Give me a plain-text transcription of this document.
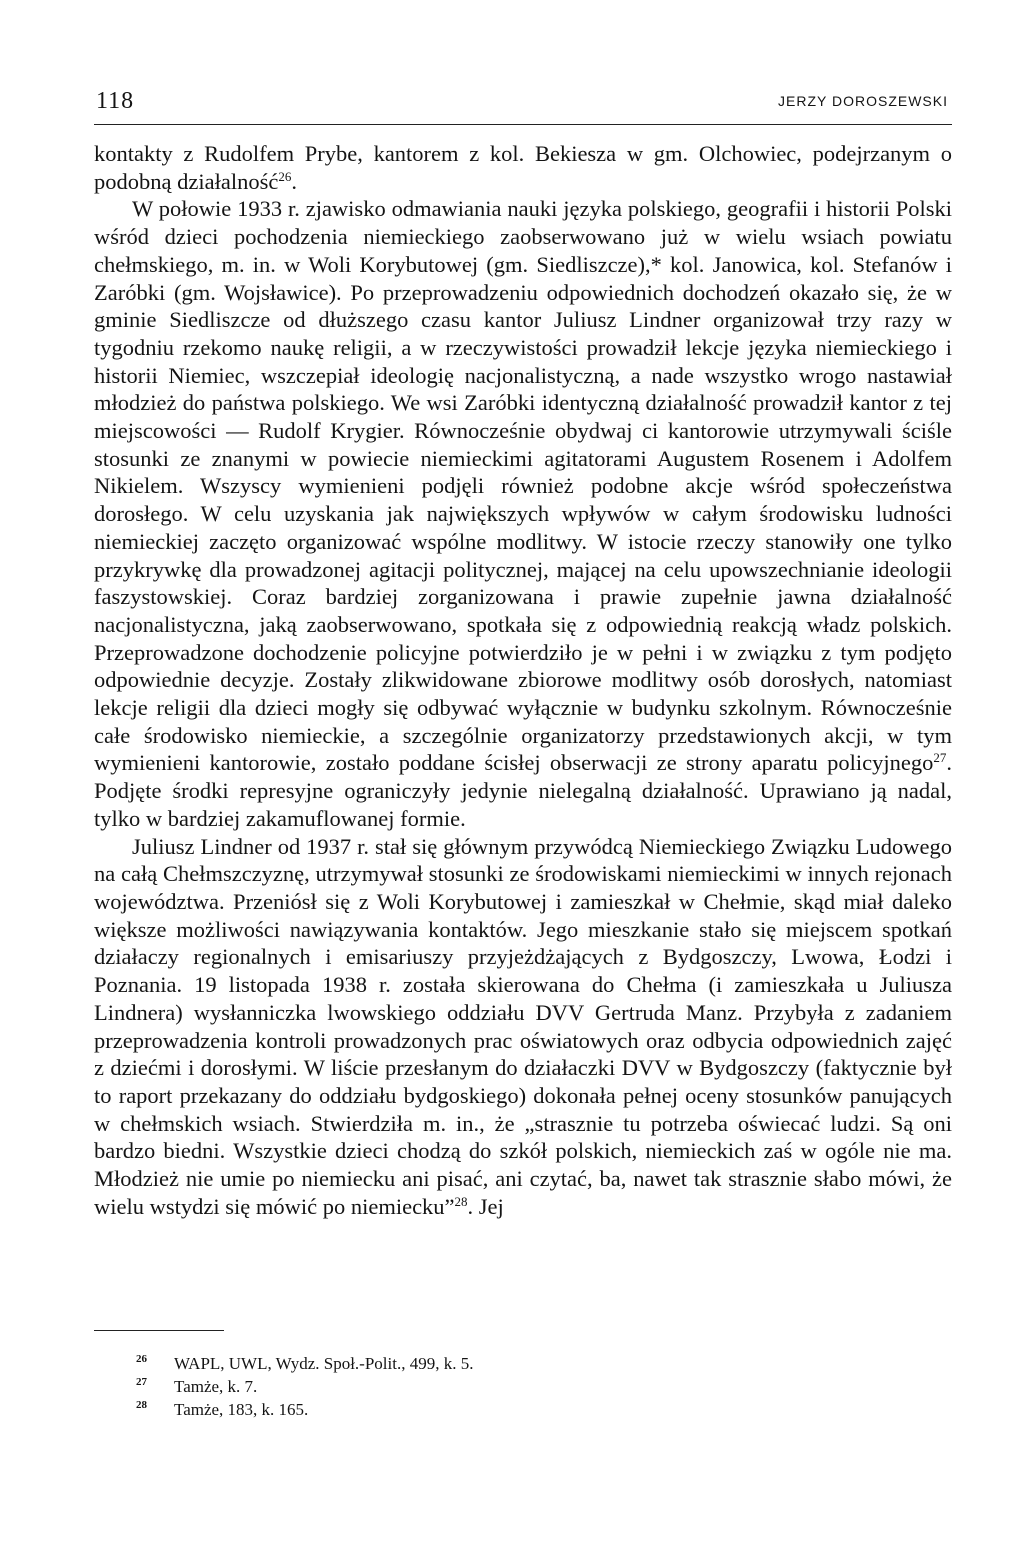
118	JERZY DOROSZEWSKI

kontakty z Rudolfem Prybe, kantorem z kol. Bekiesza w gm. Olchowiec, podejrzanym o podobną działalność$^{26}$.

W połowie 1933 r. zjawisko odmawiania nauki języka polskiego, geografii i historii Polski wśród dzieci pochodzenia niemieckiego zaobserwowano już w wielu wsiach powiatu chełmskiego, m. in. w Woli Korybutowej (gm. Siedliszcze),* kol. Janowica, kol. Stefanów i Zaróbki (gm. Wojsławice). Po przeprowadzeniu odpowiednich dochodzeń okazało się, że w gminie Siedliszcze od dłuższego czasu kantor Juliusz Lindner organizował trzy razy w tygodniu rzekomo naukę religii, a w rzeczywistości prowadził lekcje języka niemieckiego i historii Niemiec, wszczepiał ideologię nacjonalistyczną, a nade wszystko wrogo nastawiał młodzież do państwa polskiego. We wsi Zaróbki identyczną działalność prowadził kantor z tej miejscowości — Rudolf Krygier. Równocześnie obydwaj ci kantorowie utrzymywali ściśle stosunki ze znanymi w powiecie niemieckimi agitatorami Augustem Rosenem i Adolfem Nikielem. Wszyscy wymienieni podjęli również podobne akcje wśród społeczeństwa dorosłego. W celu uzyskania jak największych wpływów w całym środowisku ludności niemieckiej zaczęto organizować wspólne modlitwy. W istocie rzeczy stanowiły one tylko przykrywkę dla prowadzonej agitacji politycznej, mającej na celu upowszechnianie ideologii faszystowskiej. Coraz bardziej zorganizowana i prawie zupełnie jawna działalność nacjonalistyczna, jaką zaobserwowano, spotkała się z odpowiednią reakcją władz polskich. Przeprowadzone dochodzenie policyjne potwierdziło je w pełni i w związku z tym podjęto odpowiednie decyzje. Zostały zlikwidowane zbiorowe modlitwy osób dorosłych, natomiast lekcje religii dla dzieci mogły się odbywać wyłącznie w budynku szkolnym. Równocześnie całe środowisko niemieckie, a szczególnie organizatorzy przedstawionych akcji, w tym wymienieni kantorowie, zostało poddane ścisłej obserwacji ze strony aparatu policyjnego$^{27}$. Podjęte środki represyjne ograniczyły jedynie nielegalną działalność. Uprawiano ją nadal, tylko w bardziej zakamuflowanej formie.

Juliusz Lindner od 1937 r. stał się głównym przywódcą Niemieckiego Związku Ludowego na całą Chełmszczyznę, utrzymywał stosunki ze środowiskami niemieckimi w innych rejonach województwa. Przeniósł się z Woli Korybutowej i zamieszkał w Chełmie, skąd miał daleko większe możliwości nawiązywania kontaktów. Jego mieszkanie stało się miejscem spotkań działaczy regionalnych i emisariuszy przyjeżdżających z Bydgoszczy, Lwowa, Łodzi i Poznania. 19 listopada 1938 r. została skierowana do Chełma (i zamieszkała u Juliusza Lindnera) wysłanniczka lwowskiego oddziału DVV Gertruda Manz. Przybyła z zadaniem przeprowadzenia kontroli prowadzonych prac oświatowych oraz odbycia odpowiednich zajęć z dziećmi i dorosłymi. W liście przesłanym do działaczki DVV w Bydgoszczy (faktycznie był to raport przekazany do oddziału bydgoskiego) dokonała pełnej oceny stosunków panujących w chełmskich wsiach. Stwierdziła m. in., że „strasznie tu potrzeba oświecać ludzi. Są oni bardzo biedni. Wszystkie dzieci chodzą do szkół polskich, niemieckich zaś w ogóle nie ma. Młodzież nie umie po niemiecku ani pisać, ani czytać, ba, nawet tak strasznie słabo mówi, że wielu wstydzi się mówić po niemiecku”$^{28}$. Jej

26 WAPL, UWL, Wydz. Społ.-Polit., 499, k. 5.
27 Tamże, k. 7.
28 Tamże, 183, k. 165.
